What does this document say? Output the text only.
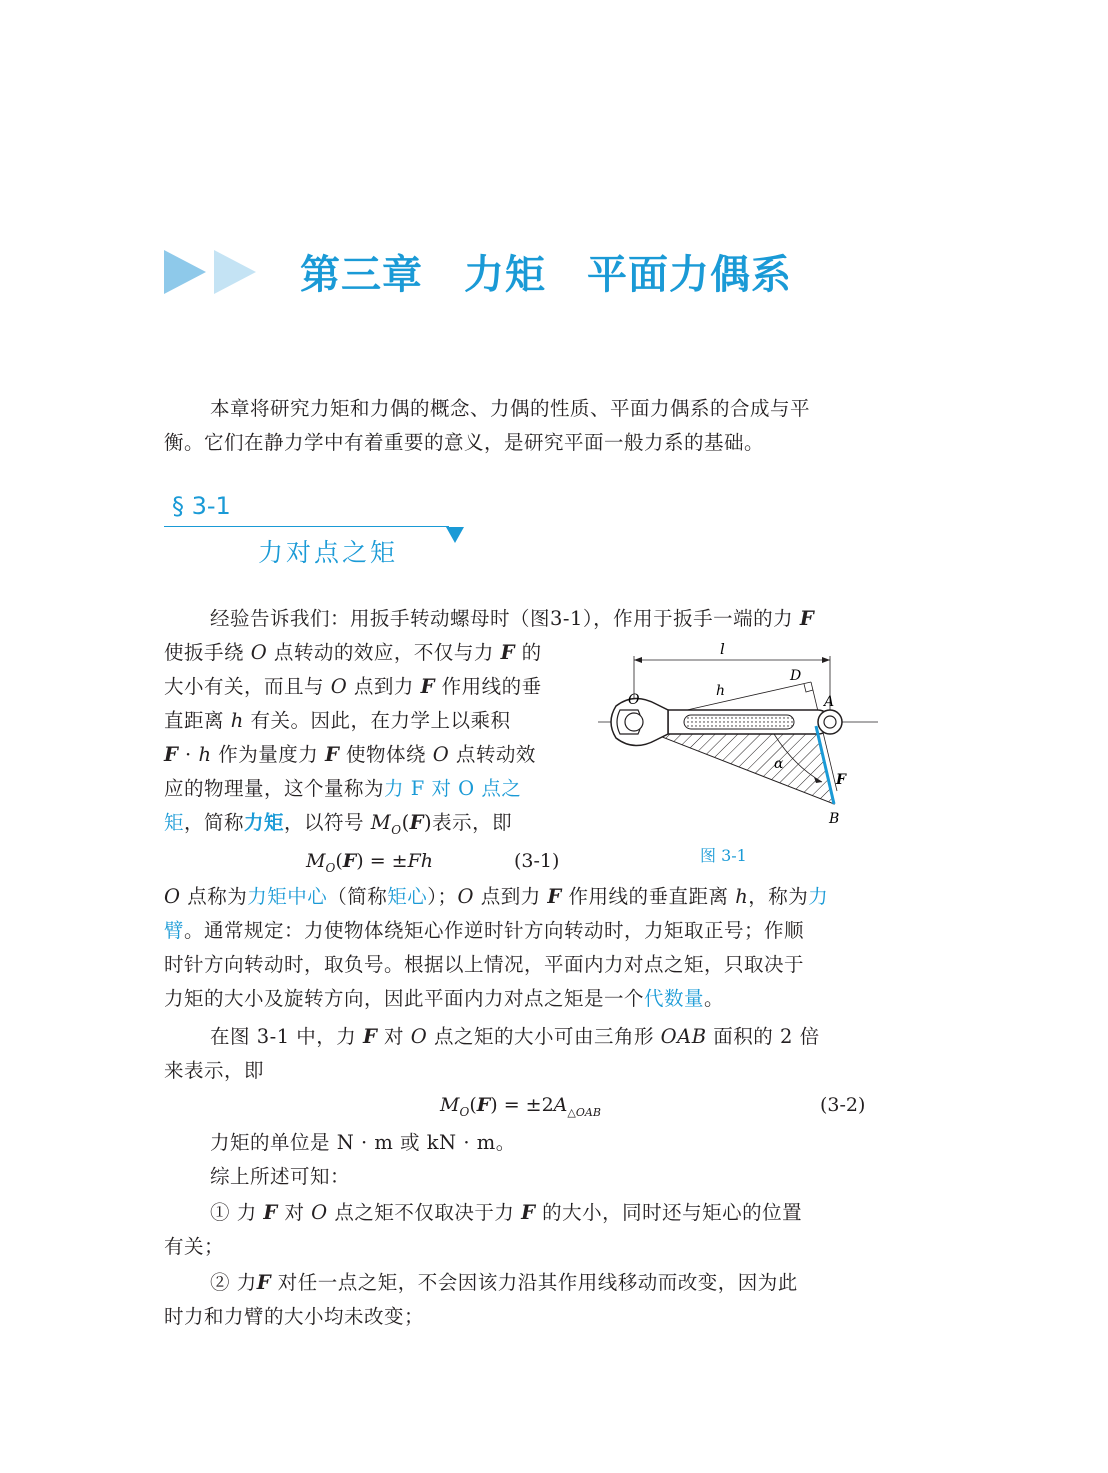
第三章　力矩　平面力偶系
本章将研究力矩和力偶的概念、力偶的性质、平面力偶系的合成与平
衡。它们在静力学中有着重要的意义，是研究平面一般力系的基础。
§ 3-1
力对点之矩
经验告诉我们：用扳手转动螺母时（图3-1），作用于扳手一端的力 F
使扳手绕 O 点转动的效应，不仅与力 F 的
大小有关，而且与 O 点到力 F 作用线的垂
直距离 h 有关。因此，在力学上以乘积
F · h 作为量度力 F 使物体绕 O 点转动效
应的物理量，这个量称为力 F 对 O 点之
矩，简称力矩，以符号 $M_O(F)$表示，即
$M_O(F) = \pm Fh$	(3-1)
l
h
D
O	A
α
F
B
图 3-1
O 点称为力矩中心（简称矩心）；O 点到力 F 作用线的垂直距离 h，称为力
臂。通常规定：力使物体绕矩心作逆时针方向转动时，力矩取正号；作顺
时针方向转动时，取负号。根据以上情况，平面内力对点之矩，只取决于
力矩的大小及旋转方向，因此平面内力对点之矩是一个代数量。
在图 3-1 中，力 F 对 O 点之矩的大小可由三角形 OAB 面积的 2 倍
来表示，即
$M_O(F) = \pm 2A_{\triangle OAB}$	(3-2)
力矩的单位是 N · m 或 kN · m。
综上所述可知：
① 力 F 对 O 点之矩不仅取决于力 F 的大小，同时还与矩心的位置
有关；
② 力F 对任一点之矩，不会因该力沿其作用线移动而改变，因为此
时力和力臂的大小均未改变；
